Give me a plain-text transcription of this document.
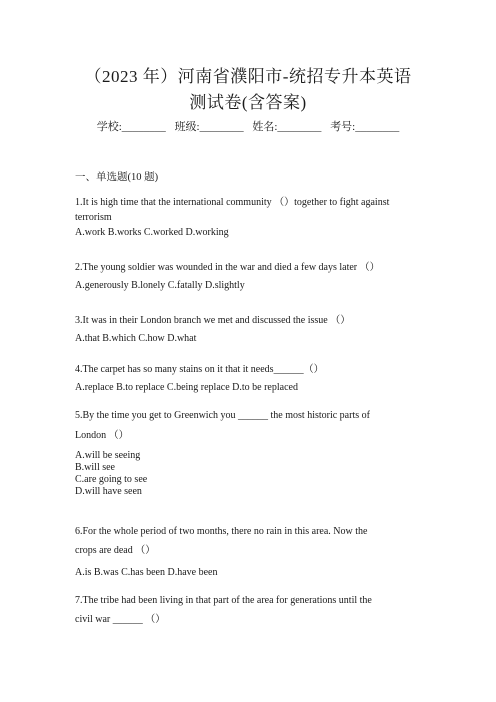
（2023 年）河南省濮阳市-统招专升本英语
测试卷(含答案)
学校:________ 班级:________ 姓名:________ 考号:________
一、单选题(10 题)
1.It is high time that the international community （）together to fight against
terrorism
A.work B.works C.worked D.working
2.The young soldier was wounded in the war and died a few days later （）
A.generously B.lonely C.fatally D.slightly
3.It was in their London branch we met and discussed the issue （）
A.that B.which C.how D.what
4.The carpet has so many stains on it that it needs______（）
A.replace B.to replace C.being replace D.to be replaced
5.By the time you get to Greenwich you ______ the most historic parts of
London （）
A.will be seeing
B.will see
C.are going to see
D.will have seen
6.For the whole period of two months, there no rain in this area. Now the
crops are dead （）
A.is B.was C.has been D.have been
7.The tribe had been living in that part of the area for generations until the
civil war ______ （）
